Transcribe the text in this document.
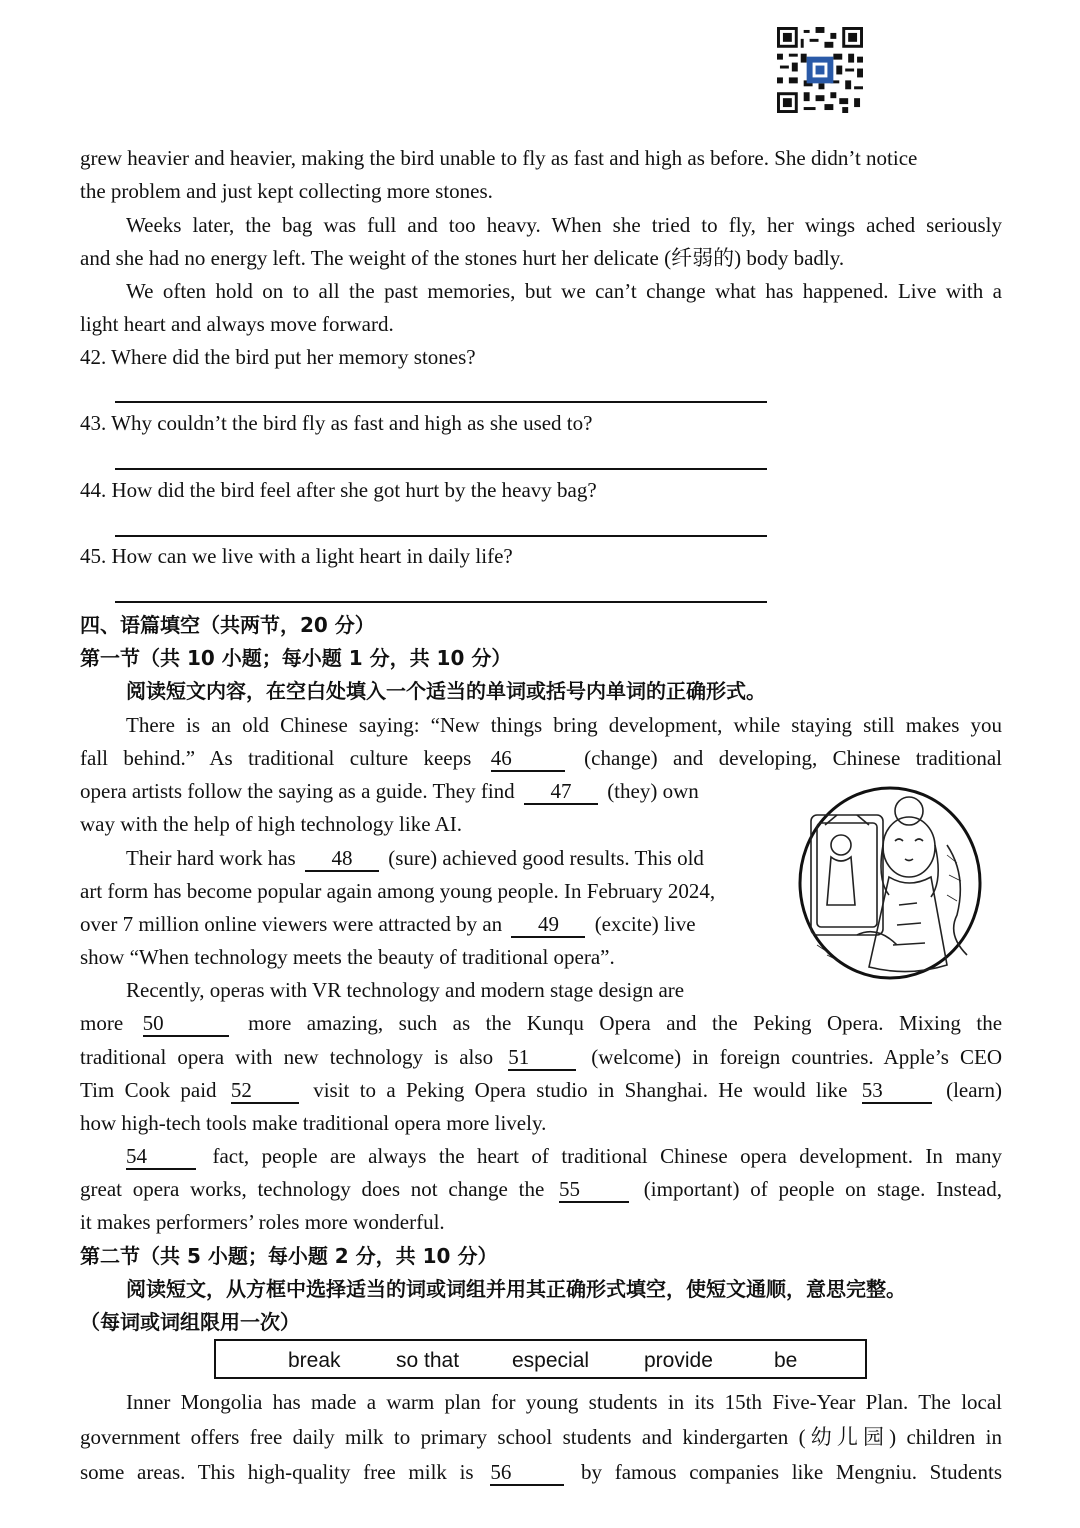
grew heavier and heavier, making the bird unable to fly as fast and high as before. She didn’t notice
the problem and just kept collecting more stones.
Weeks later, the bag was full and too heavy. When she tried to fly, her wings ached seriously
and she had no energy left. The weight of the stones hurt her delicate (纤弱的) body badly.
We often hold on to all the past memories, but we can’t change what has happened. Live with a
light heart and always move forward.
42. Where did the bird put her memory stones?
43. Why couldn’t the bird fly as fast and high as she used to?
44. How did the bird feel after she got hurt by the heavy bag?
45. How can we live with a light heart in daily life?
四、语篇填空（共两节，20 分）
第一节（共 10 小题；每小题 1 分，共 10 分）
阅读短文内容，在空白处填入一个适当的单词或括号内单词的正确形式。
There is an old Chinese saying: “New things bring development, while staying still makes you
fall behind.” As traditional culture keeps 46	(change) and developing, Chinese traditional
opera artists follow the saying as a guide. They find 47 (they) own
way with the help of high technology like AI.
Their hard work has 48 (sure) achieved good results. This old
art form has become popular again among young people. In February 2024,
over 7 million online viewers were attracted by an 49 (excite) live
show “When technology meets the beauty of traditional opera”.
Recently, operas with VR technology and modern stage design are
more 50	more amazing, such as the Kunqu Opera and the Peking Opera. Mixing the
traditional opera with new technology is also 51	(welcome) in foreign countries. Apple’s CEO
Tim Cook paid 52	visit to a Peking Opera studio in Shanghai. He would like 53	(learn)
how high-tech tools make traditional opera more lively.
54	fact, people are always the heart of traditional Chinese opera development. In many
great opera works, technology does not change the 55	(important) of people on stage. Instead,
it makes performers’ roles more wonderful.
第二节（共 5 小题；每小题 2 分，共 10 分）
阅读短文，从方框中选择适当的词或词组并用其正确形式填空，使短文通顺，意思完整。
（每词或词组限用一次）
break	so that	especial	provide	be
Inner Mongolia has made a warm plan for young students in its 15th Five-Year Plan. The local
government offers free daily milk to primary school students and kindergarten (幼儿园) children in
some areas. This high-quality free milk is 56	by famous companies like Mengniu. Students
